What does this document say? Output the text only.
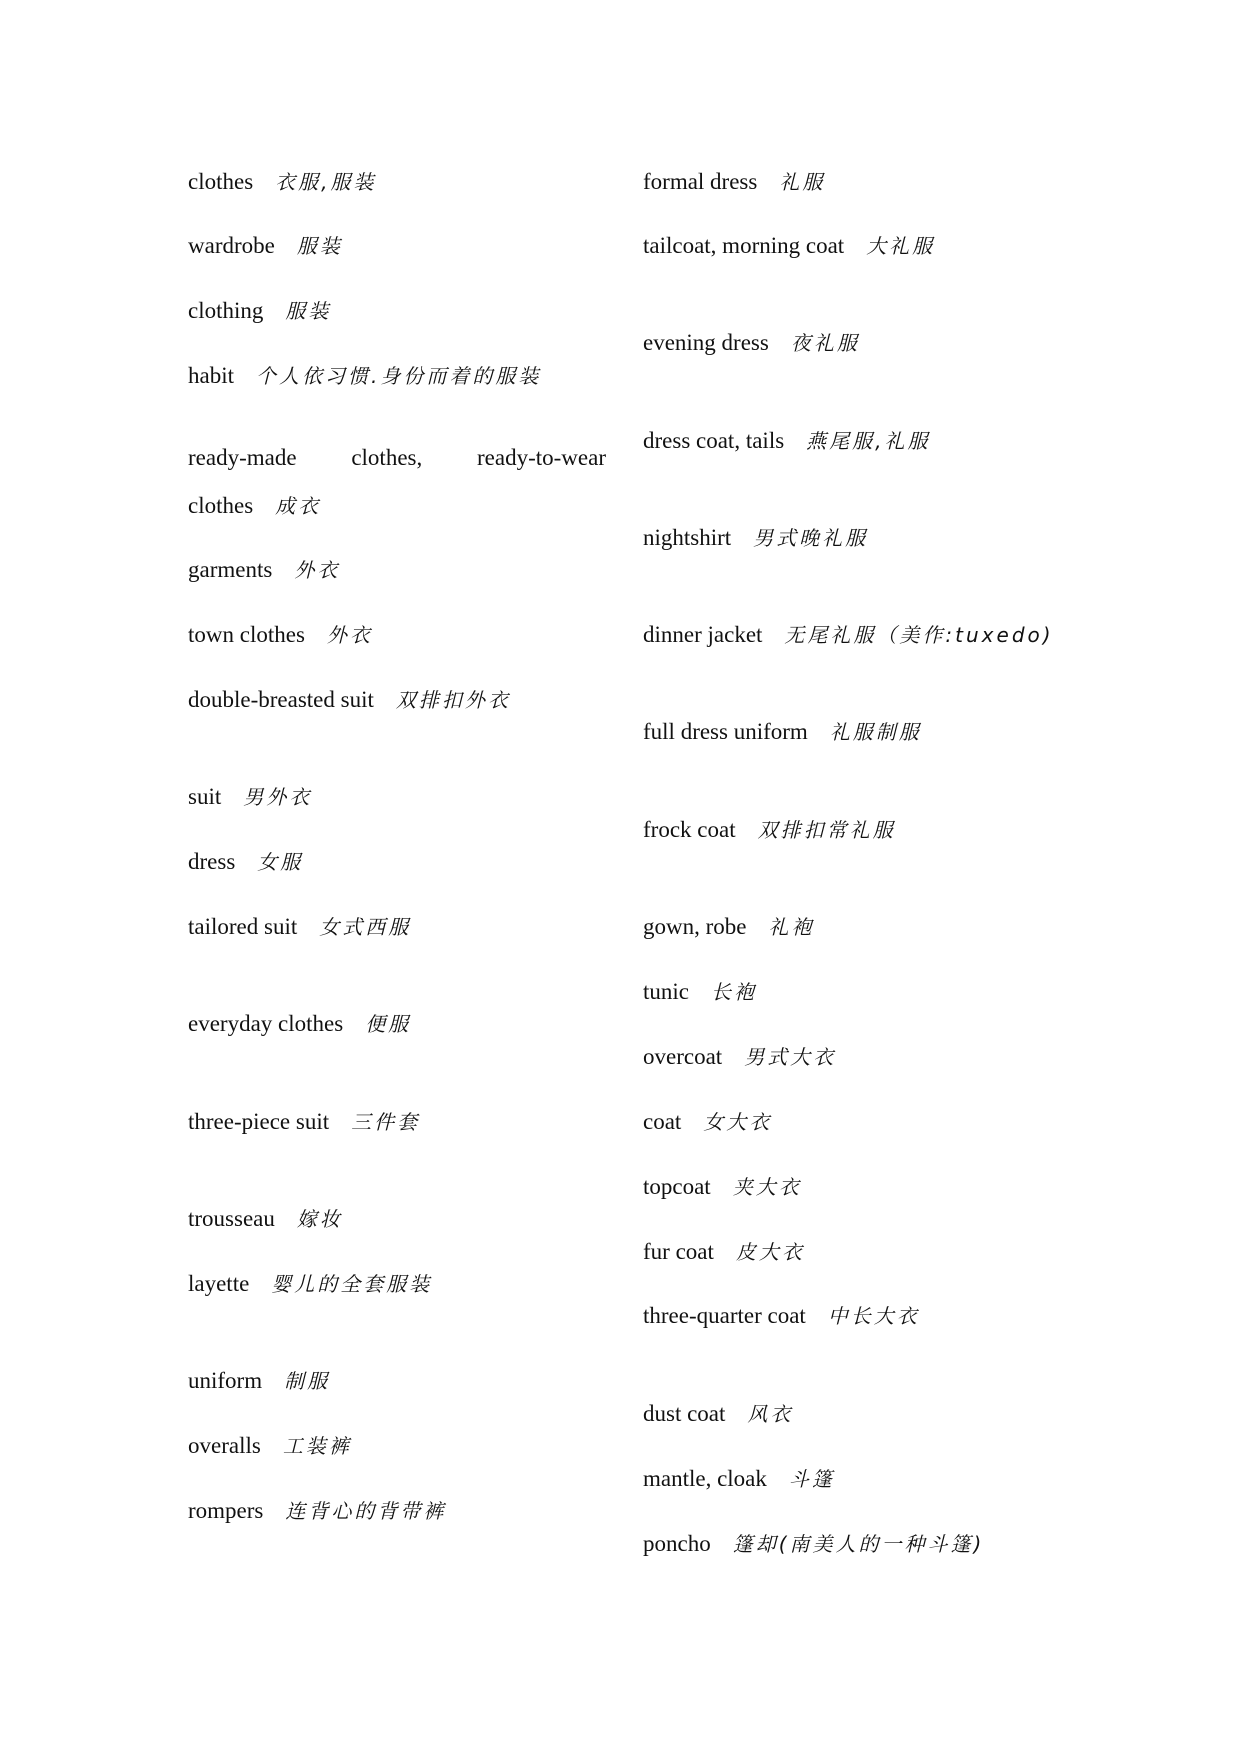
clothes 衣服,服装
wardrobe 服装
clothing 服装
habit 个人依习惯.身份而着的服装
ready-made clothes, ready-to-wear
clothes 成衣
garments 外衣
town clothes 外衣
double-breasted suit 双排扣外衣
suit 男外衣
dress 女服
tailored suit 女式西服
everyday clothes 便服
three-piece suit 三件套
trousseau 嫁妆
layette 婴儿的全套服装
uniform 制服
overalls 工装裤
rompers 连背心的背带裤
formal dress 礼服
tailcoat, morning coat 大礼服
evening dress 夜礼服
dress coat, tails 燕尾服,礼服
nightshirt 男式晚礼服
dinner jacket 无尾礼服（美作:tuxedo)
full dress uniform 礼服制服
frock coat 双排扣常礼服
gown, robe 礼袍
tunic 长袍
overcoat 男式大衣
coat 女大衣
topcoat 夹大衣
fur coat 皮大衣
three-quarter coat 中长大衣
dust coat 风衣
mantle, cloak 斗篷
poncho 篷却(南美人的一种斗篷)
